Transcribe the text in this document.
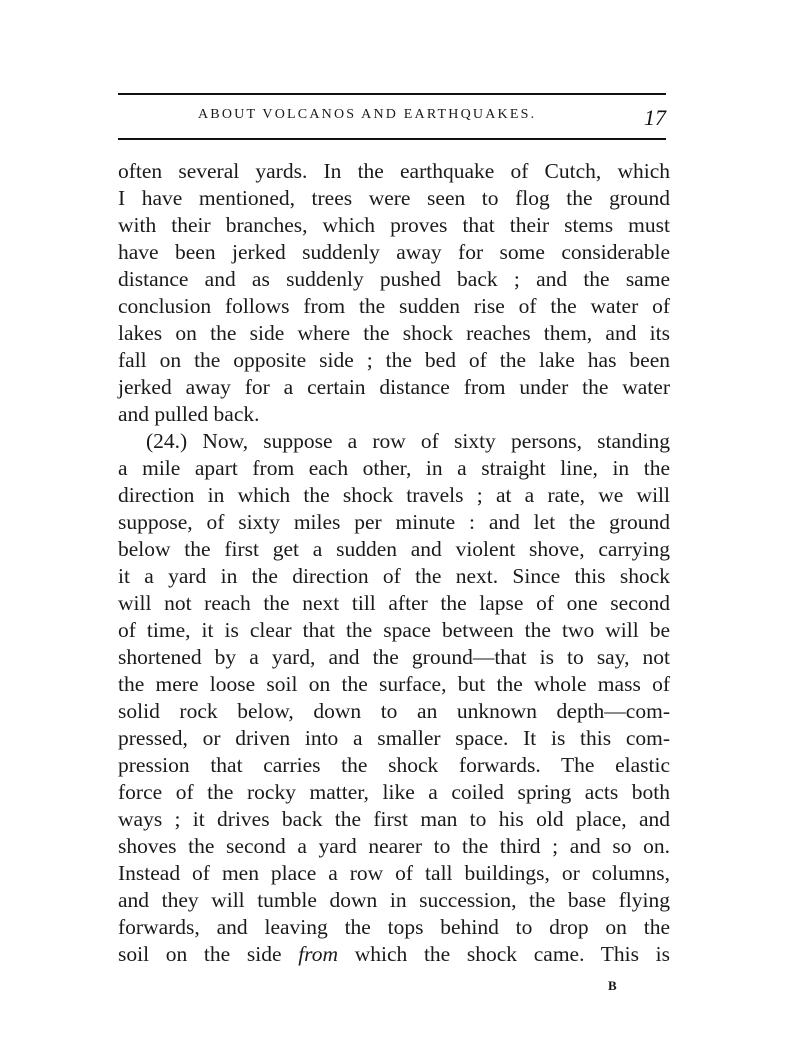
ABOUT VOLCANOS AND EARTHQUAKES.	17
often several yards. In the earthquake of Cutch, which
I have mentioned, trees were seen to flog the ground
with their branches, which proves that their stems must
have been jerked suddenly away for some considerable
distance and as suddenly pushed back ; and the same
conclusion follows from the sudden rise of the water of
lakes on the side where the shock reaches them, and its
fall on the opposite side ; the bed of the lake has been
jerked away for a certain distance from under the water
and pulled back.
(24.) Now, suppose a row of sixty persons, standing
a mile apart from each other, in a straight line, in the
direction in which the shock travels ; at a rate, we will
suppose, of sixty miles per minute : and let the ground
below the first get a sudden and violent shove, carrying
it a yard in the direction of the next. Since this shock
will not reach the next till after the lapse of one second
of time, it is clear that the space between the two will be
shortened by a yard, and the ground—that is to say, not
the mere loose soil on the surface, but the whole mass of
solid rock below, down to an unknown depth—com-
pressed, or driven into a smaller space. It is this com-
pression that carries the shock forwards. The elastic
force of the rocky matter, like a coiled spring acts both
ways ; it drives back the first man to his old place, and
shoves the second a yard nearer to the third ; and so on.
Instead of men place a row of tall buildings, or columns,
and they will tumble down in succession, the base flying
forwards, and leaving the tops behind to drop on the
soil on the side from which the shock came. This is
B
